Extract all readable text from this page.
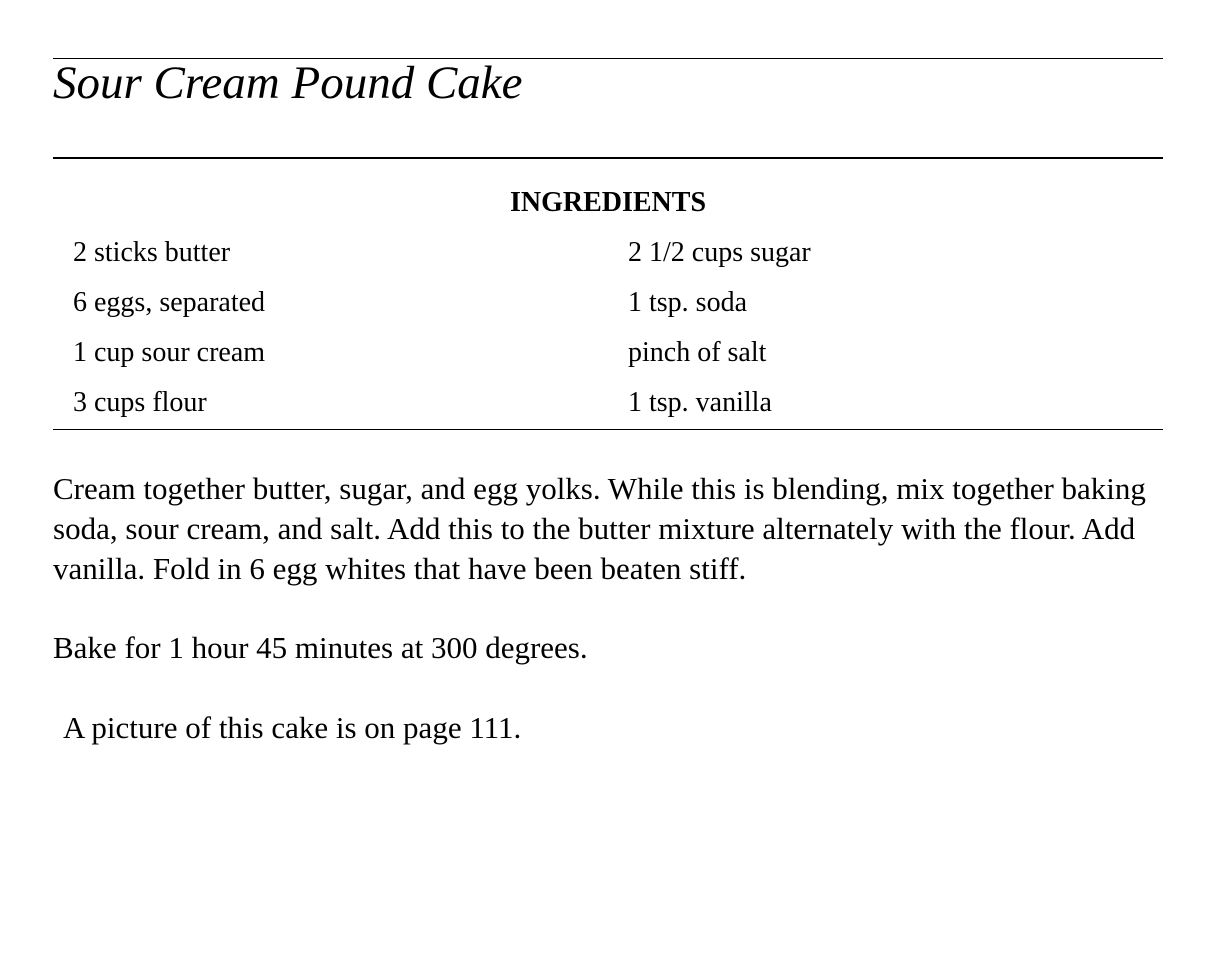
Sour Cream Pound Cake
INGREDIENTS
2 sticks butter	2 1/2 cups sugar
6 eggs, separated	1 tsp. soda
1 cup sour cream	pinch of salt
3 cups flour	1 tsp. vanilla

Cream together butter, sugar, and egg yolks. While this is blending, mix together baking soda, sour cream, and salt. Add this to the butter mixture alternately with the flour. Add vanilla. Fold in 6 egg whites that have been beaten stiff.

Bake for 1 hour 45 minutes at 300 degrees.

A picture of this cake is on page 111.
